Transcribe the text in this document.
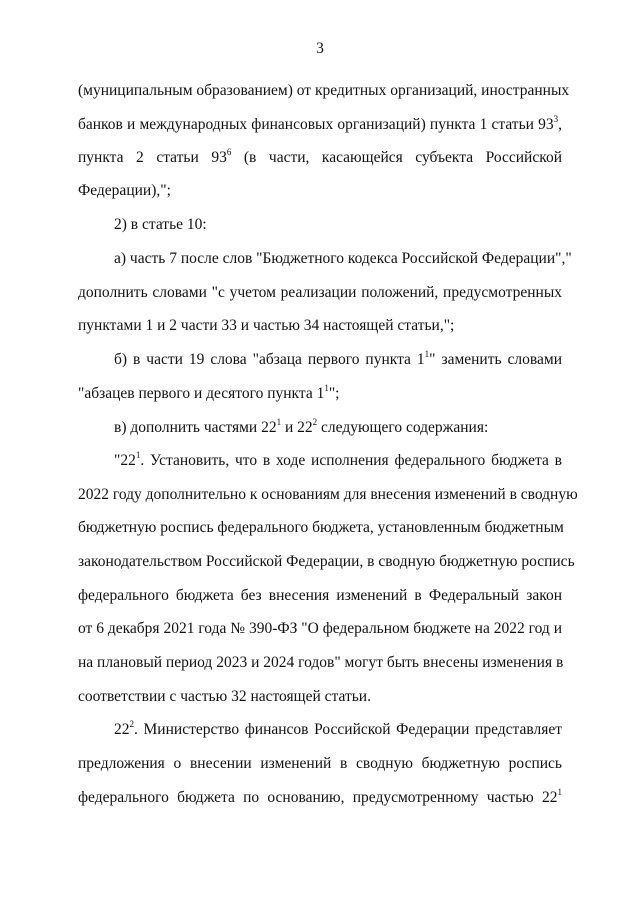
3
(муниципальным образованием) от кредитных организаций, иностранных
банков и международных финансовых организаций) пункта 1 статьи $93^3$,
пункта  2  статьи  $93^6$  (в  части,  касающейся  субъекта  Российской
Федерации),";
2) в статье 10:
а) часть 7 после слов "Бюджетного кодекса Российской Федерации","
дополнить словами "с учетом реализации положений, предусмотренных
пунктами 1 и 2 части 33 и частью 34 настоящей статьи,";
б) в части 19 слова "абзаца первого пункта $1^1$" заменить словами
"абзацев первого и десятого пункта $1^1$";
в) дополнить частями $22^1$ и $22^2$ следующего содержания:
"$22^1$. Установить, что в ходе исполнения федерального бюджета в
2022 году дополнительно к основаниям для внесения изменений в сводную
бюджетную роспись федерального бюджета, установленным бюджетным
законодательством Российской Федерации, в сводную бюджетную роспись
федерального бюджета без внесения изменений в Федеральный закон
от 6 декабря 2021 года № 390-ФЗ "О федеральном бюджете на 2022 год и
на плановый период 2023 и 2024 годов" могут быть внесены изменения в
соответствии с частью 32 настоящей статьи.
$22^2$. Министерство финансов Российской Федерации представляет
предложения о внесении изменений в сводную бюджетную роспись
федерального бюджета по основанию, предусмотренному частью $22^1$
